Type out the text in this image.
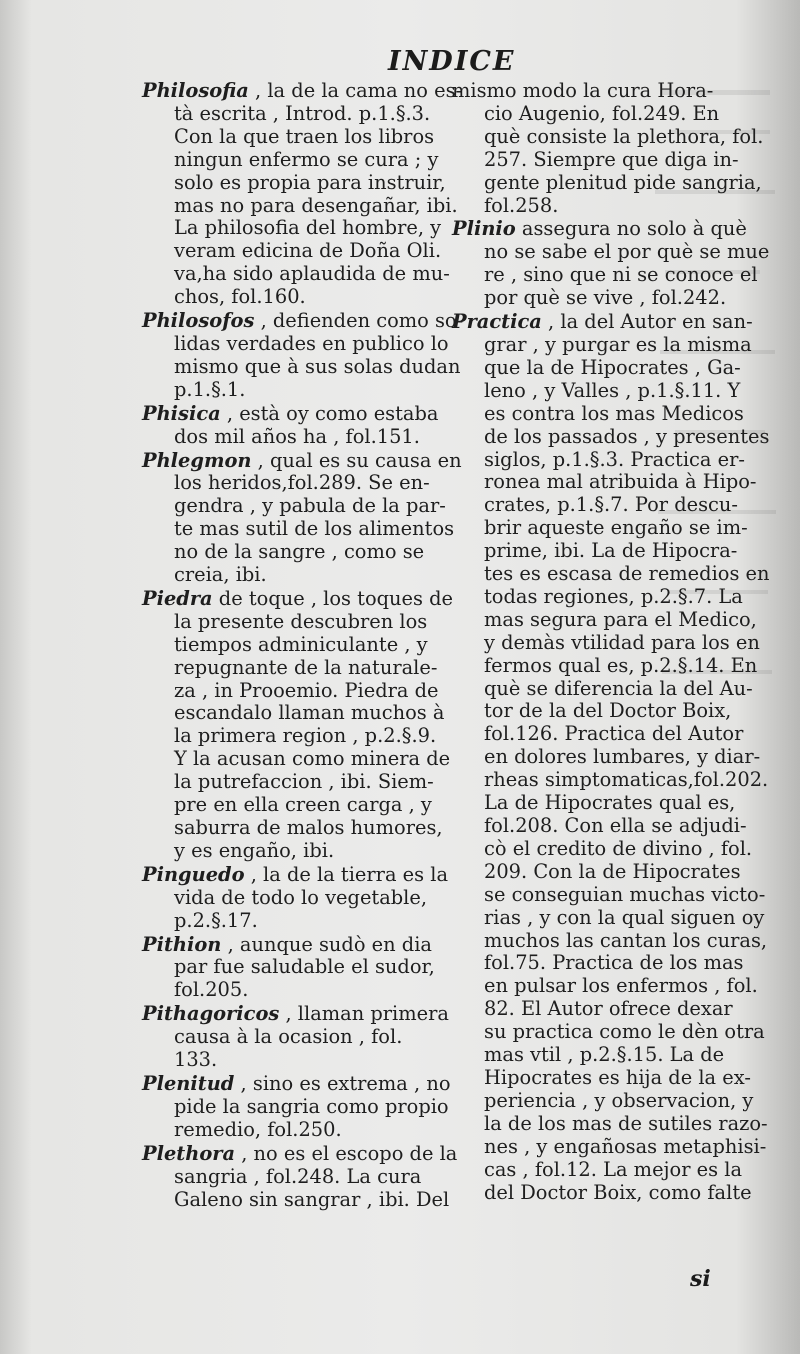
INDICE
Philosofia , la de la cama no es-
tà escrita , Introd. p.1.§.3.
Con la que traen los libros
ningun enfermo se cura ; y
solo es propia para instruir,
mas no para desengañar, ibi.
La philosofia del hombre, y
veram edicina de Doña Oli.
va,ha sido aplaudida de mu-
chos, fol.160.
Philosofos , defienden como so-
lidas verdades en publico lo
mismo que à sus solas dudan
p.1.§.1.
Phisica , està oy como estaba
dos mil años ha , fol.151.
Phlegmon , qual es su causa en
los heridos,fol.289. Se en-
gendra , y pabula de la par-
te mas sutil de los alimentos
no de la sangre , como se
creia, ibi.
Piedra de toque , los toques de
la presente descubren los
tiempos adminiculante , y
repugnante de la naturale-
za , in Prooemio. Piedra de
escandalo llaman muchos à
la primera region , p.2.§.9.
Y la acusan como minera de
la putrefaccion , ibi. Siem-
pre en ella creen carga , y
saburra de malos humores,
y es engaño, ibi.
Pinguedo , la de la tierra es la
vida de todo lo vegetable,
p.2.§.17.
Pithion , aunque sudò en dia
par fue saludable el sudor,
fol.205.
Pithagoricos , llaman primera
causa à la ocasion , fol.
133.
Plenitud , sino es extrema , no
pide la sangria como propio
remedio, fol.250.
Plethora , no es el escopo de la
sangria , fol.248. La cura
Galeno sin sangrar , ibi. Del
mismo modo la cura Hora-
cio Augenio, fol.249. En
què consiste la plethora, fol.
257. Siempre que diga in-
gente plenitud pide sangria,
fol.258.
Plinio assegura no solo à què
no se sabe el por què se mue
re , sino que ni se conoce el
por què se vive , fol.242.
Practica , la del Autor en san-
grar , y purgar es la misma
que la de Hipocrates , Ga-
leno , y Valles , p.1.§.11. Y
es contra los mas Medicos
de los passados , y presentes
siglos, p.1.§.3. Practica er-
ronea mal atribuida à Hipo-
crates, p.1.§.7. Por descu-
brir aqueste engaño se im-
prime, ibi. La de Hipocra-
tes es escasa de remedios en
todas regiones, p.2.§.7. La
mas segura para el Medico,
y demàs vtilidad para los en
fermos qual es, p.2.§.14. En
què se diferencia la del Au-
tor de la del Doctor Boix,
fol.126. Practica del Autor
en dolores lumbares, y diar-
rheas simptomaticas,fol.202.
La de Hipocrates qual es,
fol.208. Con ella se adjudi-
cò el credito de divino , fol.
209. Con la de Hipocrates
se conseguian muchas victo-
rias , y con la qual siguen oy
muchos las cantan los curas,
fol.75. Practica de los mas
en pulsar los enfermos , fol.
82. El Autor ofrece dexar
su practica como le dèn otra
mas vtil , p.2.§.15. La de
Hipocrates es hija de la ex-
periencia , y observacion, y
la de los mas de sutiles razo-
nes , y engañosas metaphisi-
cas , fol.12. La mejor es la
del Doctor Boix, como falte
si
